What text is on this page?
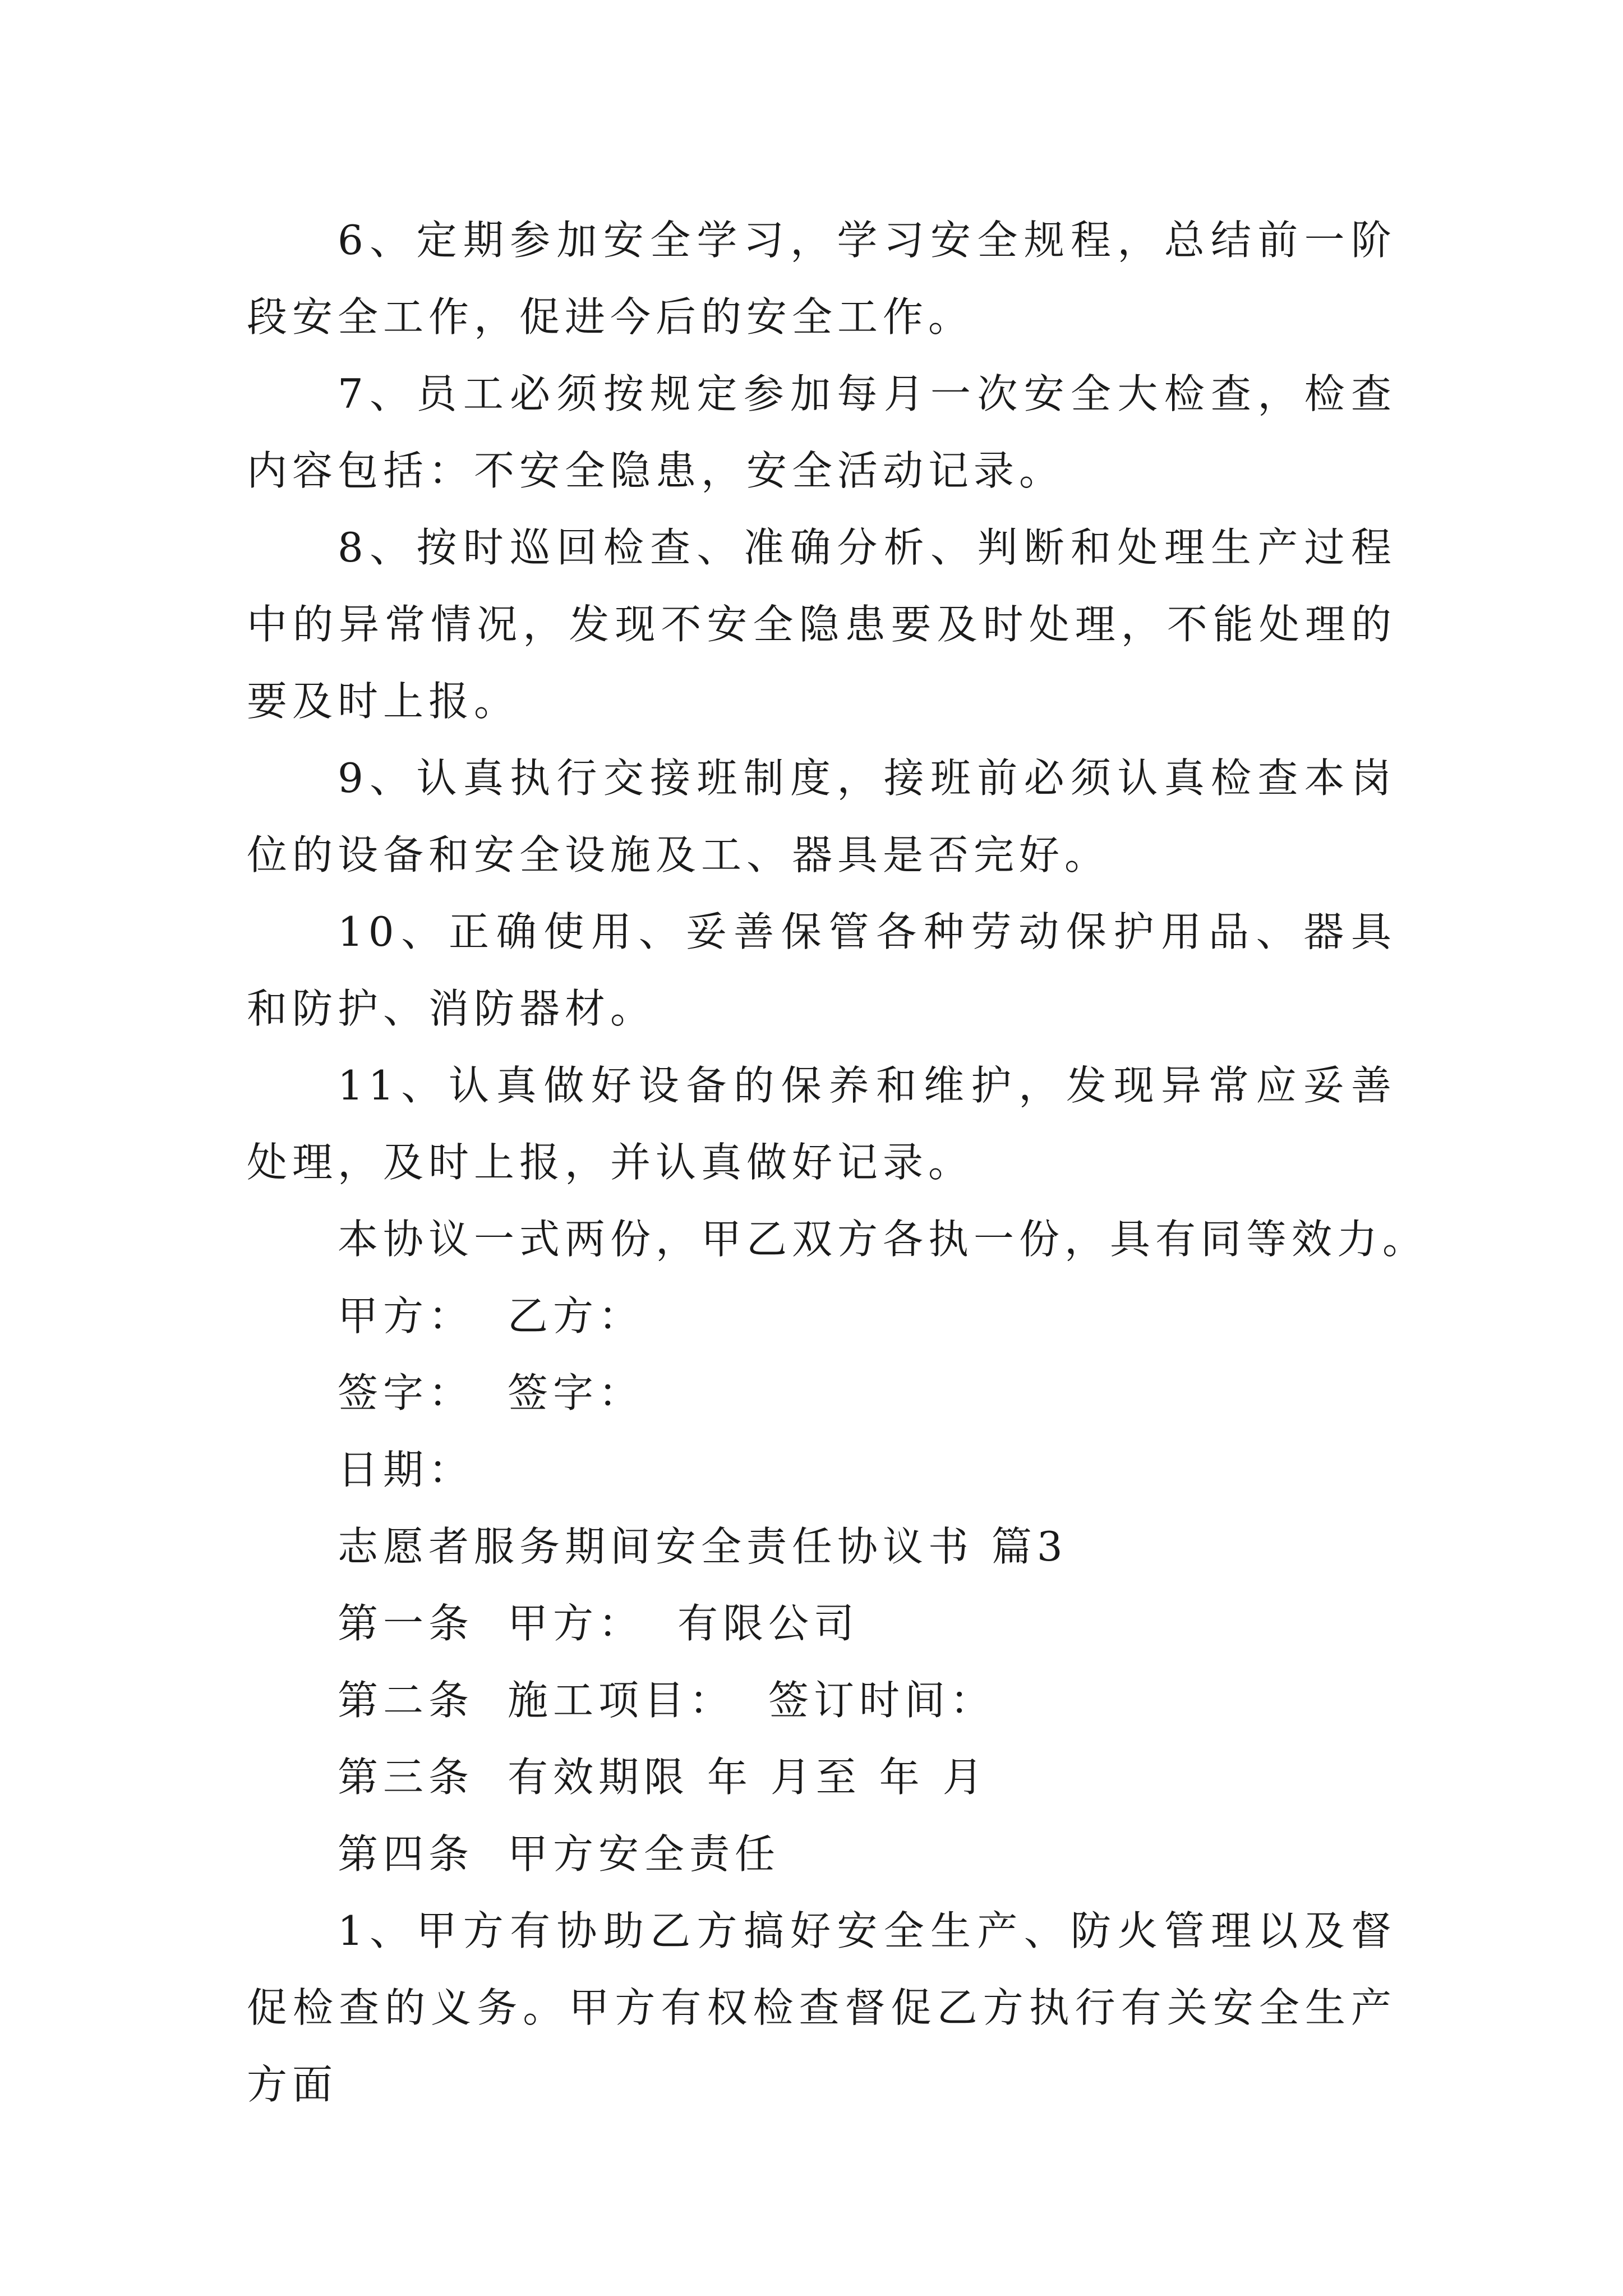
6、定期参加安全学习，学习安全规程，总结前一阶段安全工作，促进今后的安全工作。

7、员工必须按规定参加每月一次安全大检查，检查内容包括：不安全隐患，安全活动记录。

8、按时巡回检查、准确分析、判断和处理生产过程中的异常情况，发现不安全隐患要及时处理，不能处理的要及时上报。

9、认真执行交接班制度，接班前必须认真检查本岗位的设备和安全设施及工、器具是否完好。

10、正确使用、妥善保管各种劳动保护用品、器具和防护、消防器材。

11、认真做好设备的保养和维护，发现异常应妥善处理，及时上报，并认真做好记录。

本协议一式两份，甲乙双方各执一份，具有同等效力。

甲方： 乙方：

签字： 签字：

日期：

志愿者服务期间安全责任协议书 篇3

第一条 甲方： 有限公司

第二条 施工项目： 签订时间：

第三条 有效期限 年 月至 年 月

第四条 甲方安全责任

1、甲方有协助乙方搞好安全生产、防火管理以及督促检查的义务。甲方有权检查督促乙方执行有关安全生产方面
